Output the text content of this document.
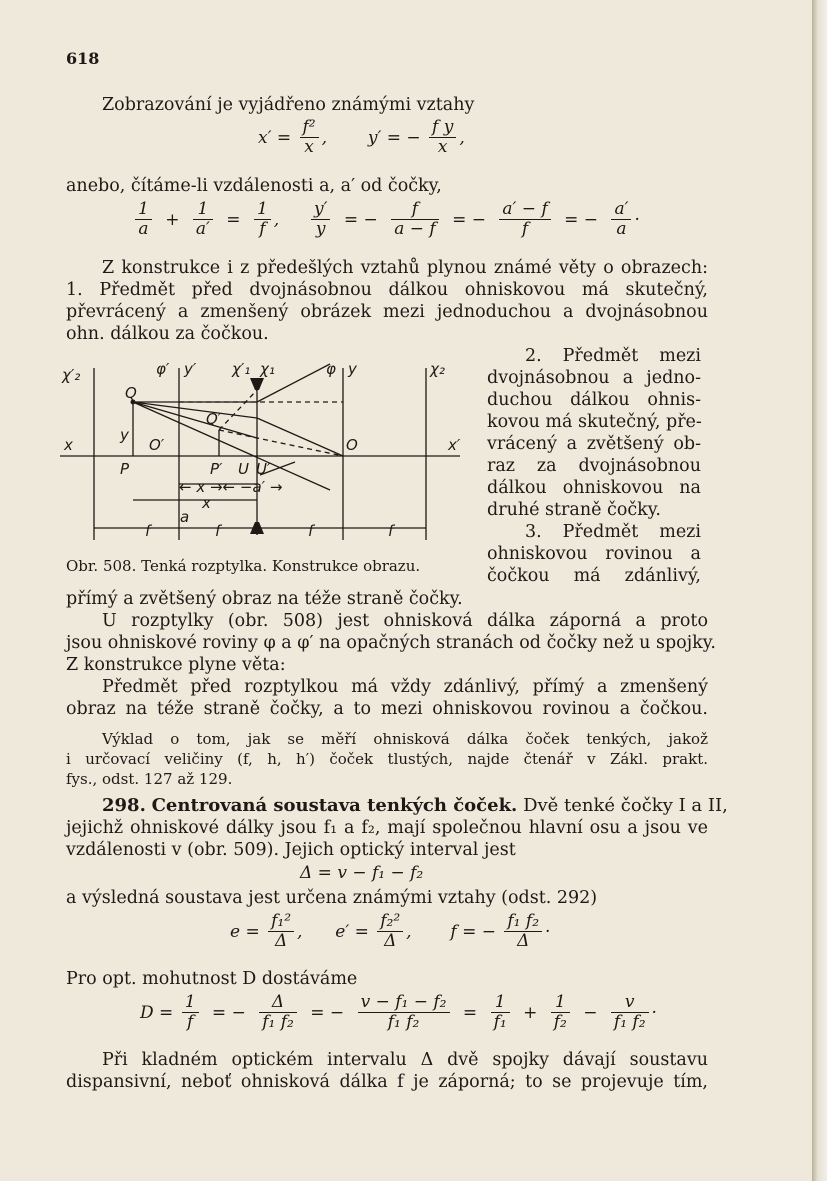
618
Zobrazování je vyjádřeno známými vztahy
$x' = \frac{\text{f²}}{x}$ , y′ = − $\frac{\text{f y}}{x}$ ,
anebo, čítáme-li vzdálenosti a, a′ od čočky,
$\frac{1}{a} + \frac{1}{a'} = \frac{1}{f}$ , $\frac{y'}{y}$ = − $\frac{f}{a - f}$ = − $\frac{a' - f}{f}$ = − $\frac{a'}{a}$ ·
Z konstrukce i z předešlých vztahů plynou známé věty o obrazech:
1. Předmět před dvojnásobnou dálkou ohniskovou má skutečný,
převrácený a zmenšený obrázek mezi jednoduchou a dvojnásobnou
ohn. dálkou za čočkou.
χ′₂	φ′ y′ χ′₁ χ₁	φ y	χ₂
Q
Q′
x
y
O′	O	x′
P	P′ U U′
← x →← −a′ →
a
x
f	f	f	f
2. Předmět mezi
dvojnásobnou a jedno-
duchou dálkou ohnis-
kovou má skutečný, pře-
vrácený a zvětšený ob-
raz za dvojnásobnou
dálkou ohniskovou na
druhé straně čočky.
3. Předmět mezi
ohniskovou rovinou a
čočkou má zdánlivý,
Obr. 508. Tenká rozptylka. Konstrukce obrazu.
přímý a zvětšený obraz na téže straně čočky.
U rozptylky (obr. 508) jest ohnisková dálka záporná a proto
jsou ohniskové roviny φ a φ′ na opačných stranách od čočky než u spojky.
Z konstrukce plyne věta:
Předmět před rozptylkou má vždy zdánlivý, přímý a zmenšený
obraz na téže straně čočky, a to mezi ohniskovou rovinou a čočkou.
Výklad o tom, jak se měří ohnisková dálka čoček tenkých, jakož
i určovací veličiny (f, h, h′) čoček tlustých, najde čtenář v Zákl. prakt.
fys., odst. 127 až 129.
298. Centrovaná soustava tenkých čoček. Dvě tenké čočky I a II,
jejichž ohniskové dálky jsou f₁ a f₂, mají společnou hlavní osu a jsou ve
vzdálenosti v (obr. 509). Jejich optický interval jest
Δ = v − f₁ − f₂
a výsledná soustava jest určena známými vztahy (odst. 292)
$e = \frac{\text{f₁²}}{\Delta}$ , $e' = \frac{\text{f₂²}}{\Delta}$ , f = − $\frac{\text{f₁ f₂}}{\Delta}$ ·
Pro opt. mohutnost D dostáváme
$D = \frac{1}{f}$ = − $\frac{\Delta}{\text{f₁ f₂}}$ = − $\frac{\text{v − f₁ − f₂}}{\text{f₁ f₂}} = \frac{1}{\text{f₁}} + \frac{1}{\text{f₂}} - \frac{v}{\text{f₁ f₂}}$ ·
Při kladném optickém intervalu Δ dvě spojky dávají soustavu
dispansivní, neboť ohnisková dálka f je záporná; to se projevuje tím,
